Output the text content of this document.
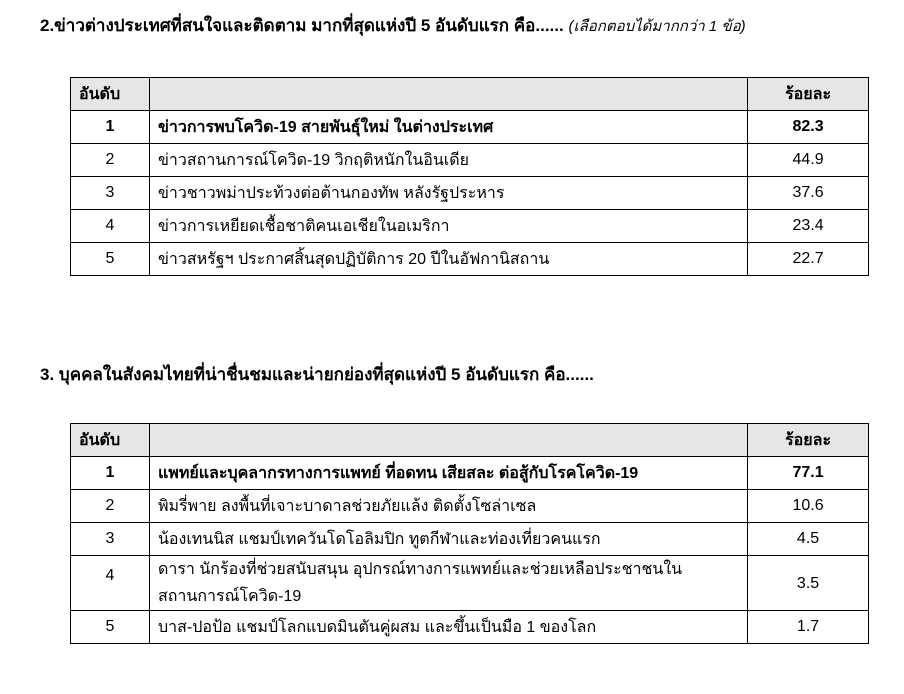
2.ข่าวต่างประเทศที่สนใจและติดตาม มากที่สุดแห่งปี 5 อันดับแรก คือ...... (เลือกตอบได้มากกว่า 1 ข้อ)
อันดับ		ร้อยละ
1	ข่าวการพบโควิด-19 สายพันธุ์ใหม่ ในต่างประเทศ	82.3
2	ข่าวสถานการณ์โควิด-19 วิกฤติหนักในอินเดีย	44.9
3	ข่าวชาวพม่าประท้วงต่อต้านกองทัพ หลังรัฐประหาร	37.6
4	ข่าวการเหยียดเชื้อชาติคนเอเชียในอเมริกา	23.4
5	ข่าวสหรัฐฯ ประกาศสิ้นสุดปฏิบัติการ 20 ปีในอัฟกานิสถาน	22.7
3. บุคคลในสังคมไทยที่น่าชื่นชมและน่ายกย่องที่สุดแห่งปี 5 อันดับแรก คือ......
อันดับ		ร้อยละ
1	แพทย์และบุคลากรทางการแพทย์ ที่อดทน เสียสละ ต่อสู้กับโรคโควิด-19	77.1
2	พิมรี่พาย ลงพื้นที่เจาะบาดาลช่วยภัยแล้ง ติดตั้งโซล่าเซล	10.6
3	น้องเทนนิส แชมป์เทควันโดโอลิมปิก ทูตกีฬาและท่องเที่ยวคนแรก	4.5
4	ดารา นักร้องที่ช่วยสนับสนุน อุปกรณ์ทางการแพทย์และช่วยเหลือประชาชนในสถานการณ์โควิด-19	3.5
5	บาส-ปอป้อ แชมป์โลกแบดมินตันคู่ผสม และขึ้นเป็นมือ 1 ของโลก	1.7
